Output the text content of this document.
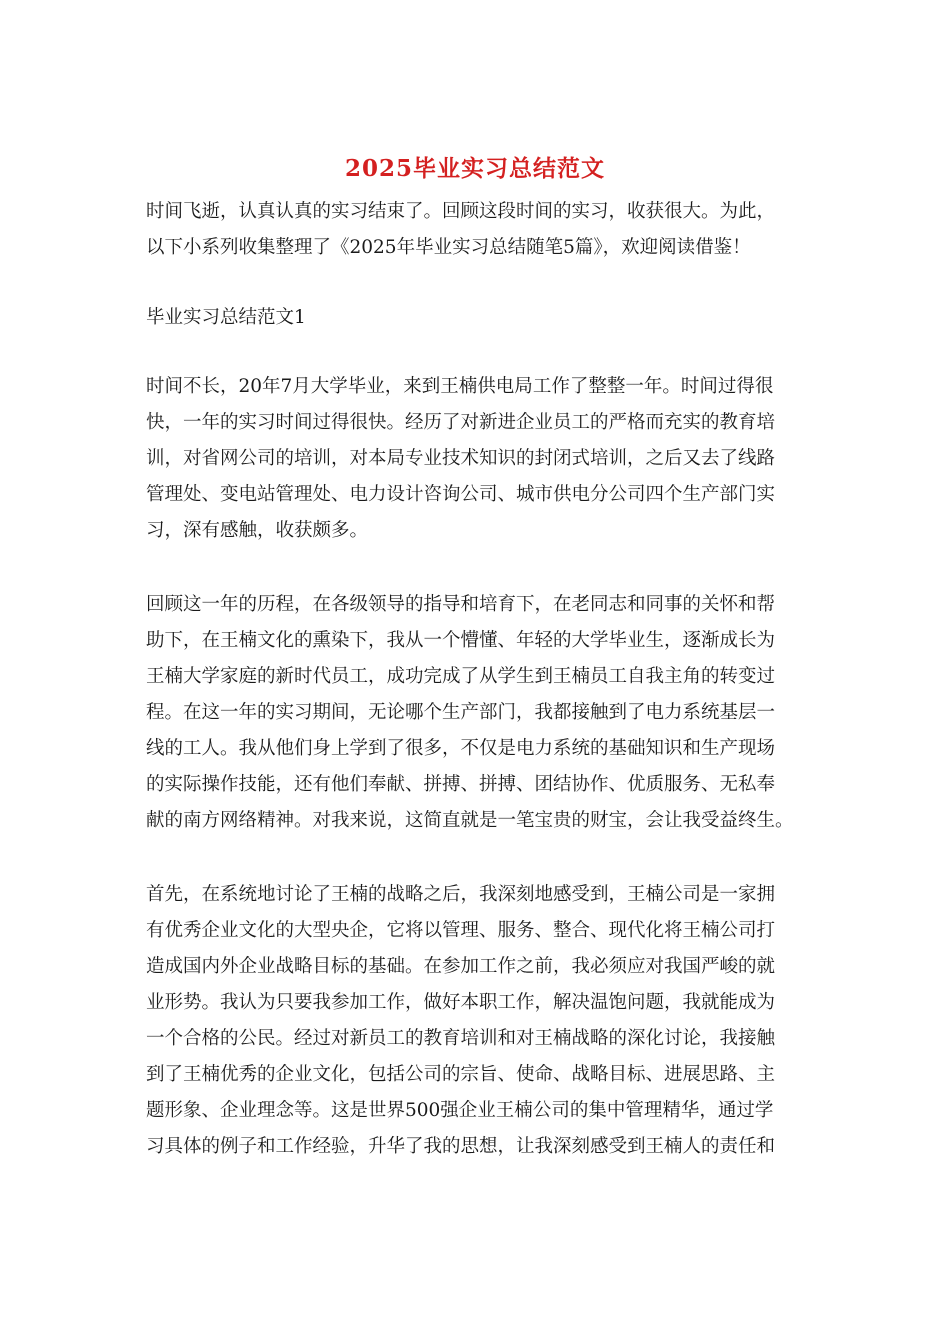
2025毕业实习总结范文

时间飞逝，认真认真的实习结束了。回顾这段时间的实习，收获很大。为此，

以下小系列收集整理了《2025年毕业实习总结随笔5篇》，欢迎阅读借鉴！

毕业实习总结范文1

时间不长，20年7月大学毕业，来到王楠供电局工作了整整一年。时间过得很

快，一年的实习时间过得很快。经历了对新进企业员工的严格而充实的教育培

训，对省网公司的培训，对本局专业技术知识的封闭式培训，之后又去了线路

管理处、变电站管理处、电力设计咨询公司、城市供电分公司四个生产部门实

习，深有感触，收获颇多。

回顾这一年的历程，在各级领导的指导和培育下，在老同志和同事的关怀和帮

助下，在王楠文化的熏染下，我从一个懵懂、年轻的大学毕业生，逐渐成长为

王楠大学家庭的新时代员工，成功完成了从学生到王楠员工自我主角的转变过

程。在这一年的实习期间，无论哪个生产部门，我都接触到了电力系统基层一

线的工人。我从他们身上学到了很多，不仅是电力系统的基础知识和生产现场

的实际操作技能，还有他们奉献、拼搏、拼搏、团结协作、优质服务、无私奉

献的南方网络精神。对我来说，这简直就是一笔宝贵的财宝，会让我受益终生。

首先，在系统地讨论了王楠的战略之后，我深刻地感受到，王楠公司是一家拥

有优秀企业文化的大型央企，它将以管理、服务、整合、现代化将王楠公司打

造成国内外企业战略目标的基础。在参加工作之前，我必须应对我国严峻的就

业形势。我认为只要我参加工作，做好本职工作，解决温饱问题，我就能成为

一个合格的公民。经过对新员工的教育培训和对王楠战略的深化讨论，我接触

到了王楠优秀的企业文化，包括公司的宗旨、使命、战略目标、进展思路、主

题形象、企业理念等。这是世界500强企业王楠公司的集中管理精华，通过学

习具体的例子和工作经验，升华了我的思想，让我深刻感受到王楠人的责任和
